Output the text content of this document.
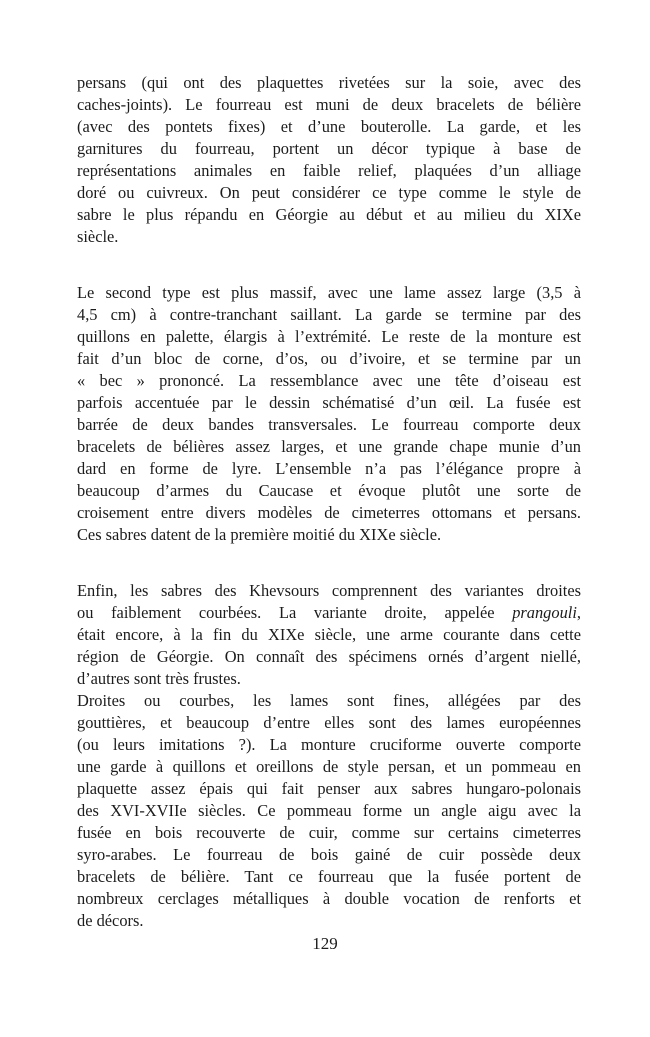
persans (qui ont des plaquettes rivetées sur la soie, avec des
caches-joints). Le fourreau est muni de deux bracelets de bélière
(avec des pontets fixes) et d’une bouterolle. La garde, et les
garnitures du fourreau, portent un décor typique à base de
représentations animales en faible relief, plaquées d’un alliage
doré ou cuivreux. On peut considérer ce type comme le style de
sabre le plus répandu en Géorgie au début et au milieu du XIXe
siècle.
Le second type est plus massif, avec une lame assez large (3,5 à
4,5 cm) à contre-tranchant saillant. La garde se termine par des
quillons en palette, élargis à l’extrémité. Le reste de la monture est
fait d’un bloc de corne, d’os, ou d’ivoire, et se termine par un
« bec » prononcé. La ressemblance avec une tête d’oiseau est
parfois accentuée par le dessin schématisé d’un œil. La fusée est
barrée de deux bandes transversales. Le fourreau comporte deux
bracelets de bélières assez larges, et une grande chape munie d’un
dard en forme de lyre. L’ensemble n’a pas l’élégance propre à
beaucoup d’armes du Caucase et évoque plutôt une sorte de
croisement entre divers modèles de cimeterres ottomans et persans.
Ces sabres datent de la première moitié du XIXe siècle.
Enfin, les sabres des Khevsours comprennent des variantes droites
ou faiblement courbées. La variante droite, appelée prangouli,
était encore, à la fin du XIXe siècle, une arme courante dans cette
région de Géorgie. On connaît des spécimens ornés d’argent niellé,
d’autres sont très frustes.
Droites ou courbes, les lames sont fines, allégées par des
gouttières, et beaucoup d’entre elles sont des lames européennes
(ou leurs imitations ?). La monture cruciforme ouverte comporte
une garde à quillons et oreillons de style persan, et un pommeau en
plaquette assez épais qui fait penser aux sabres hungaro-polonais
des XVI-XVIIe siècles. Ce pommeau forme un angle aigu avec la
fusée en bois recouverte de cuir, comme sur certains cimeterres
syro-arabes. Le fourreau de bois gainé de cuir possède deux
bracelets de bélière. Tant ce fourreau que la fusée portent de
nombreux cerclages métalliques à double vocation de renforts et
de décors.
129
